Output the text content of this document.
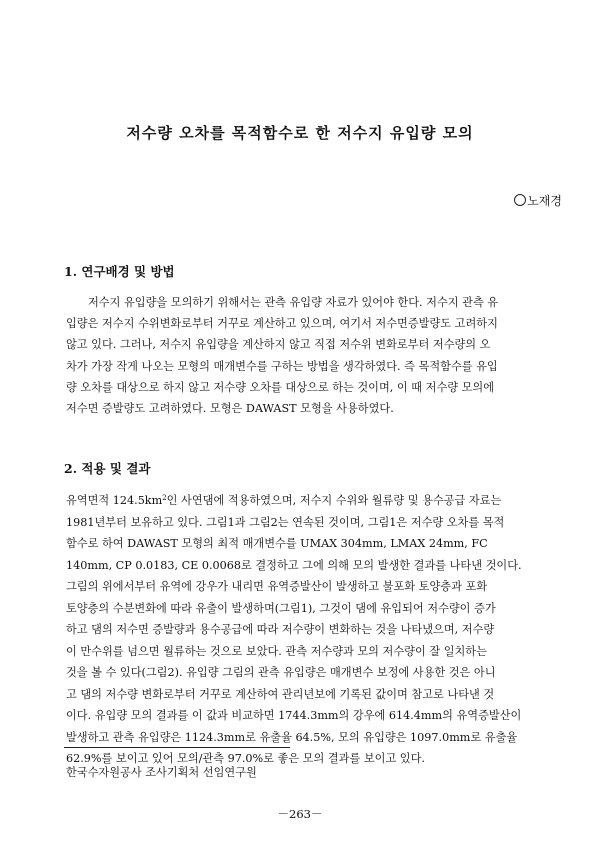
저수량 오차를 목적함수로 한 저수지 유입량 모의
노재경
1. 연구배경 및 방법
저수지 유입량을 모의하기 위해서는 관측 유입량 자료가 있어야 한다. 저수지 관측 유
입량은 저수지 수위변화로부터 거꾸로 계산하고 있으며, 여기서 저수면증발량도 고려하지
않고 있다. 그러나, 저수지 유입량을 계산하지 않고 직접 저수위 변화로부터 저수량의 오
차가 가장 작게 나오는 모형의 매개변수를 구하는 방법을 생각하였다. 즉 목적함수를 유입
량 오차를 대상으로 하지 않고 저수량 오차를 대상으로 하는 것이며, 이 때 저수량 모의에
저수면 증발량도 고려하였다. 모형은 DAWAST 모형을 사용하였다.
2. 적용 및 결과
유역면적 $124.5km^2$인 사연댐에 적용하였으며, 저수지 수위와 월류량 및 용수공급 자료는
1981년부터 보유하고 있다. 그림1과 그림2는 연속된 것이며, 그림1은 저수량 오차를 목적
함수로 하여 DAWAST 모형의 최적 매개변수를 UMAX 304mm, LMAX 24mm, FC
140mm, CP 0.0183, CE 0.0068로 결정하고 그에 의해 모의 발생한 결과를 나타낸 것이다.
그림의 위에서부터 유역에 강우가 내리면 유역증발산이 발생하고 불포화 토양층과 포화
토양층의 수분변화에 따라 유출이 발생하며(그림1), 그것이 댐에 유입되어 저수량이 증가
하고 댐의 저수면 증발량과 용수공급에 따라 저수량이 변화하는 것을 나타냈으며, 저수량
이 만수위를 넘으면 월류하는 것으로 보았다. 관측 저수량과 모의 저수량이 잘 일치하는
것을 볼 수 있다(그림2). 유입량 그림의 관측 유입량은 매개변수 보정에 사용한 것은 아니
고 댐의 저수량 변화로부터 거꾸로 계산하여 관리년보에 기록된 값이며 참고로 나타낸 것
이다. 유입량 모의 결과를 이 값과 비교하면 1744.3mm의 강우에 614.4mm의 유역증발산이
발생하고 관측 유입량은 1124.3mm로 유출율 64.5%, 모의 유입량은 1097.0mm로 유출율
62.9%를 보이고 있어 모의/관측 97.0%로 좋은 모의 결과를 보이고 있다.
한국수자원공사 조사기획처 선임연구원
－263－
